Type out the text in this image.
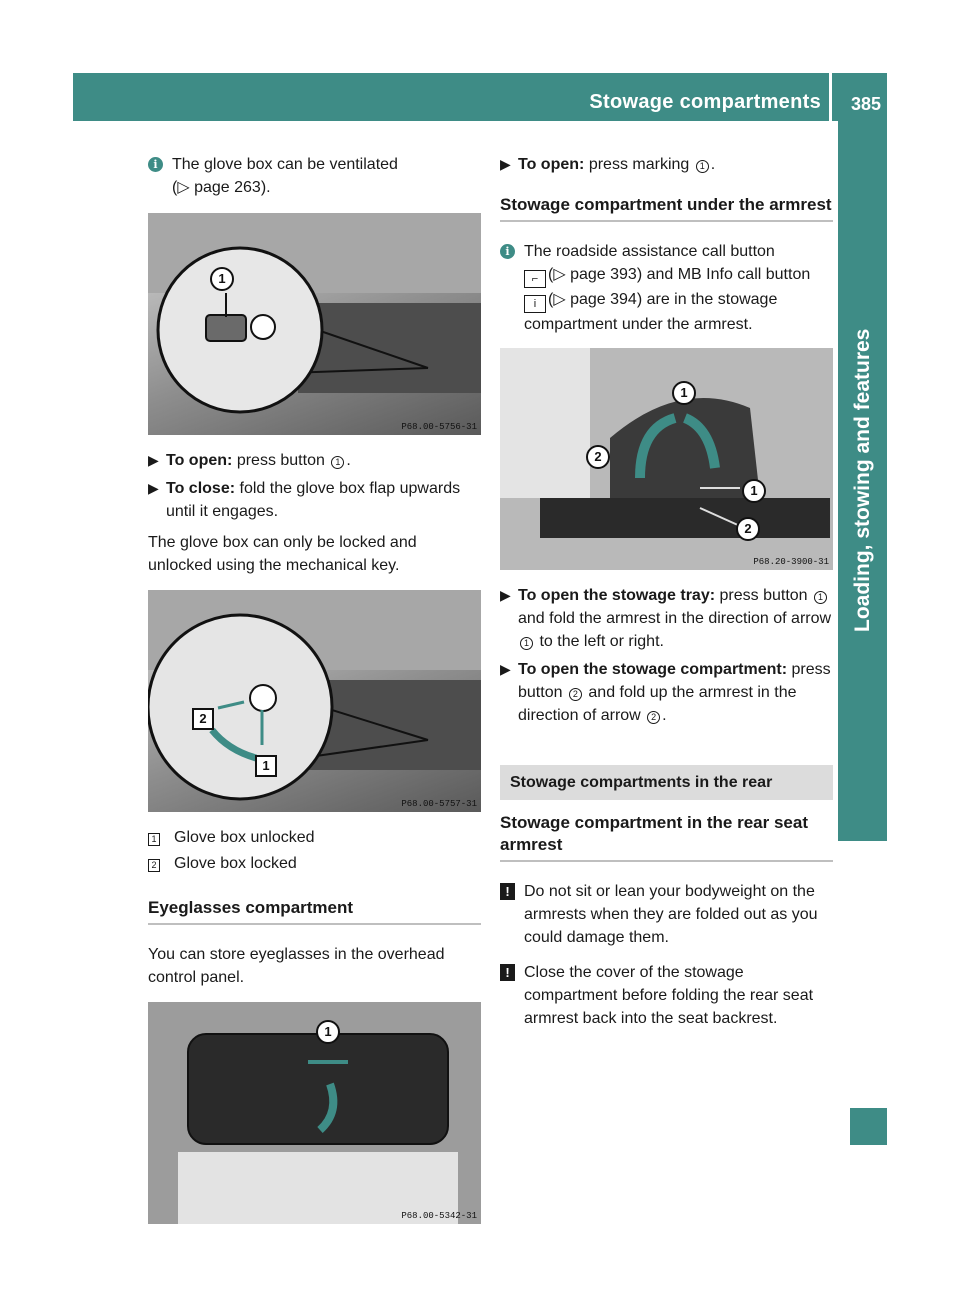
Stowage compartments 385
Loading, stowing and features
i The glove box can be ventilated
(▷ page 263).
1
P68.00-5756-31
▶ To open: press button 1 .
▶ To close: fold the glove box flap upwards until it engages.

The glove box can only be locked and unlocked using the mechanical key.

2
1
P68.00-5757-31
1 Glove box unlocked
2 Glove box locked
Eyeglasses compartment

You can store eyeglasses in the overhead control panel.

1
P68.00-5342-31
▶ To open: press marking 1 .
Stowage compartment under the armrest
i The roadside assistance call button
⌐ (▷ page 393) and MB Info call button
i (▷ page 394) are in the stowage compartment under the armrest.
1
2
1
2
P68.20-3900-31
▶ To open the stowage tray: press button 1 and fold the armrest in the direction of arrow 1 to the left or right.
▶ To open the stowage compartment: press button 2 and fold up the armrest in the direction of arrow 2 .
Stowage compartments in the rear
Stowage compartment in the rear seat armrest
! Do not sit or lean your bodyweight on the armrests when they are folded out as you could damage them.
! Close the cover of the stowage compartment before folding the rear seat armrest back into the seat backrest.
